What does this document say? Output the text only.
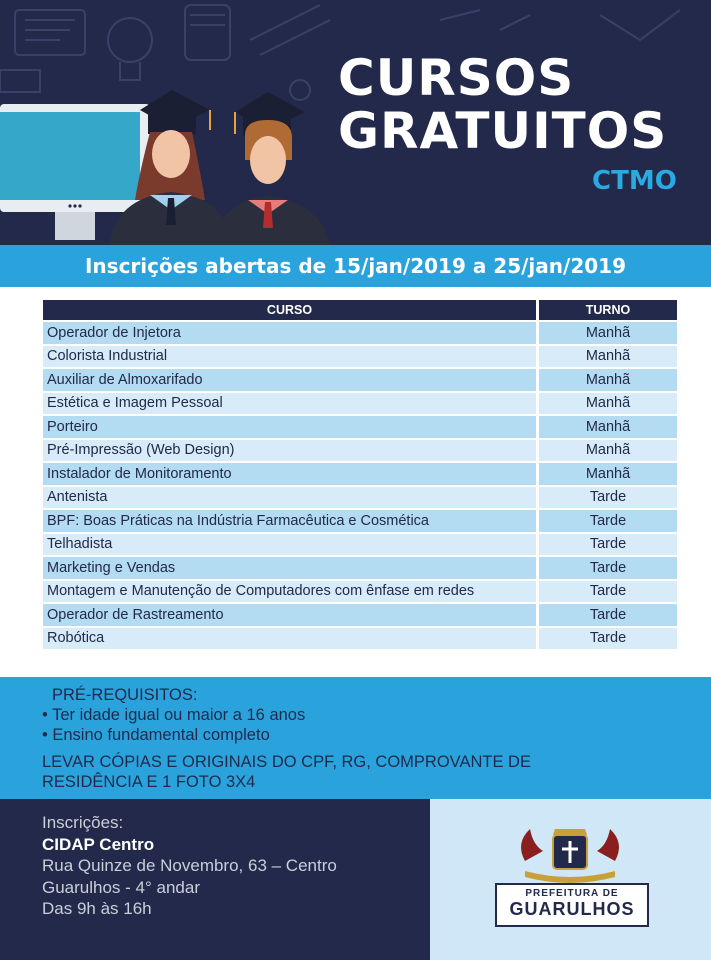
CURSOS
GRATUITOS
CTMO
Inscrições abertas de 15/jan/2019 a 25/jan/2019
CURSO	TURNO
Operador de Injetora	Manhã
Colorista Industrial	Manhã
Auxiliar de Almoxarifado	Manhã
Estética e Imagem Pessoal	Manhã
Porteiro	Manhã
Pré-Impressão (Web Design)	Manhã
Instalador de Monitoramento	Manhã
Antenista	Tarde
BPF: Boas Práticas na Indústria Farmacêutica e Cosmética	Tarde
Telhadista	Tarde
Marketing e Vendas	Tarde
Montagem e Manutenção de Computadores com ênfase em redes	Tarde
Operador de Rastreamento	Tarde
Robótica	Tarde
PRÉ-REQUISITOS:
• Ter idade igual ou maior a 16 anos
• Ensino fundamental completo
LEVAR CÓPIAS E ORIGINAIS DO CPF, RG, COMPROVANTE DE RESIDÊNCIA E 1 FOTO 3X4
Inscrições:
CIDAP Centro
Rua Quinze de Novembro, 63 – Centro
Guarulhos - 4° andar
Das 9h às 16h
PREFEITURA DE
GUARULHOS
